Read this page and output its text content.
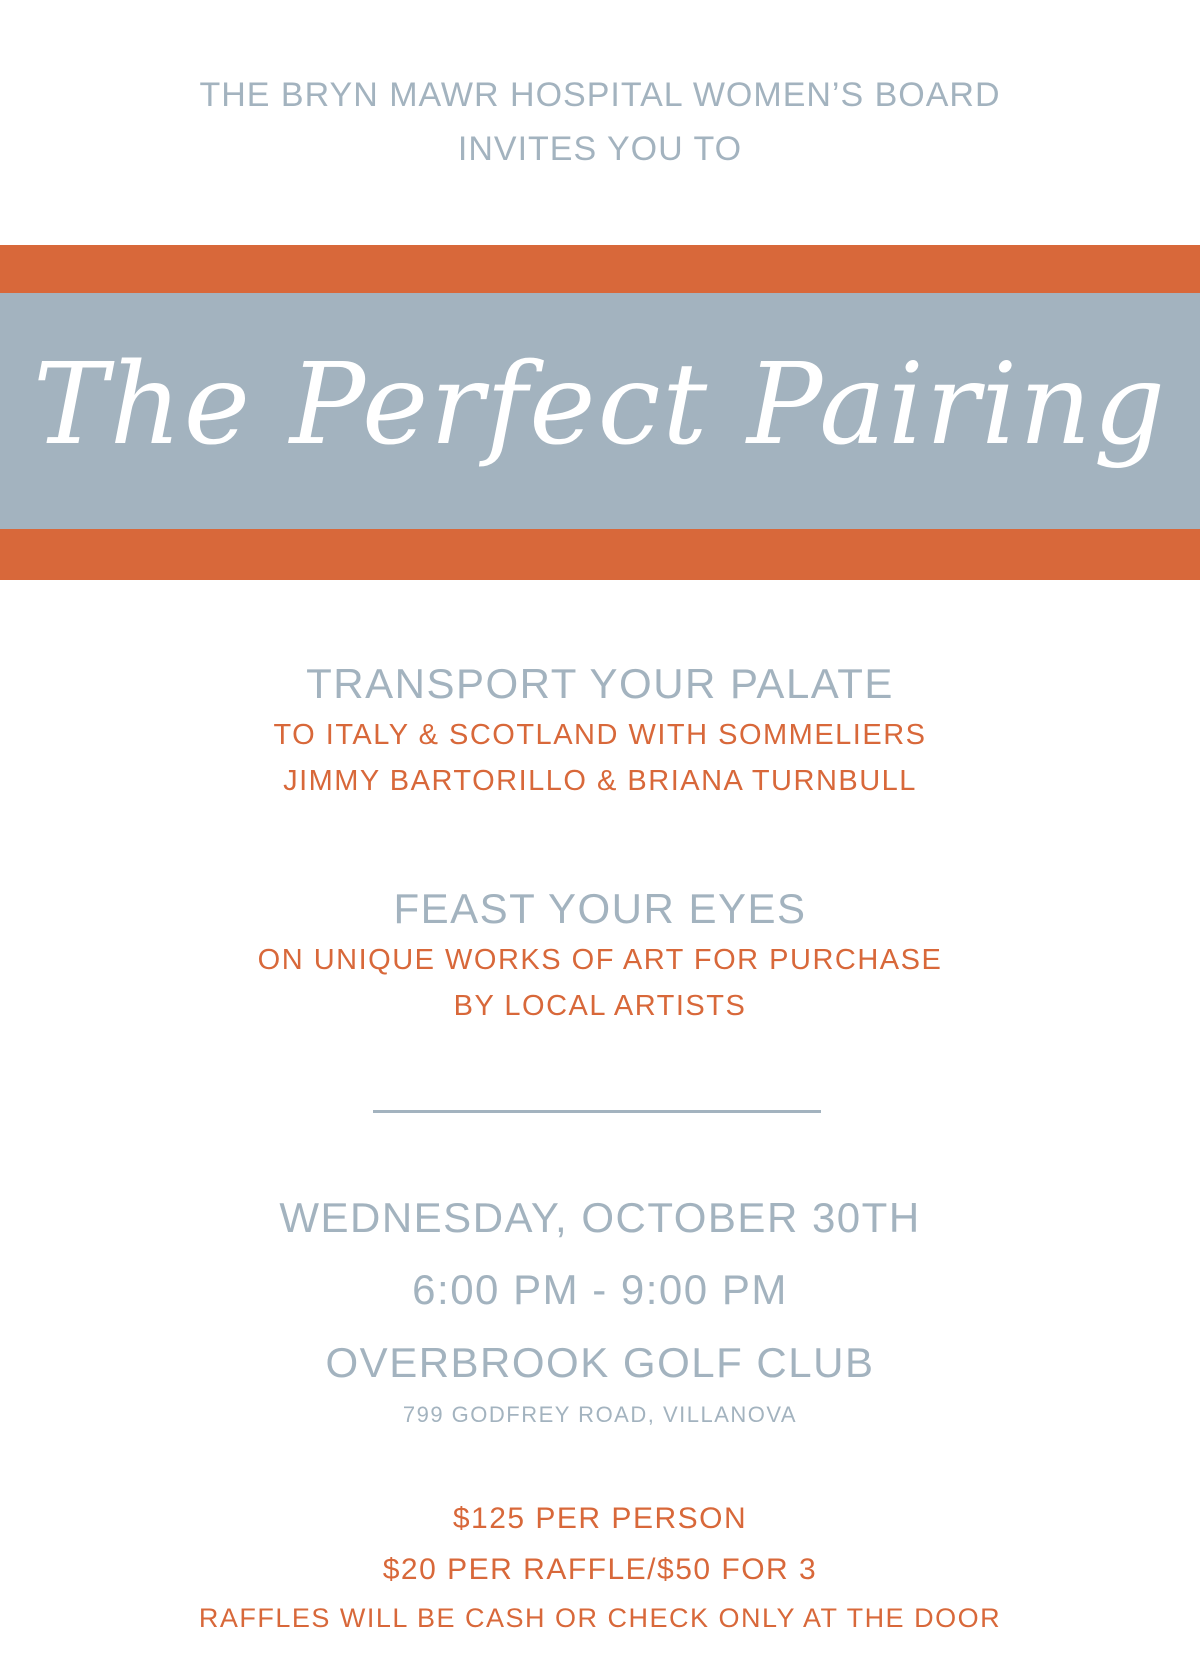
THE BRYN MAWR HOSPITAL WOMEN’S BOARD
INVITES YOU TO
The Perfect Pairing
TRANSPORT YOUR PALATE
TO ITALY & SCOTLAND WITH SOMMELIERS
JIMMY BARTORILLO & BRIANA TURNBULL
FEAST YOUR EYES
ON UNIQUE WORKS OF ART FOR PURCHASE
BY LOCAL ARTISTS
WEDNESDAY, OCTOBER 30TH
6:00 PM - 9:00 PM
OVERBROOK GOLF CLUB
799 GODFREY ROAD, VILLANOVA
$125 PER PERSON
$20 PER RAFFLE/$50 FOR 3
RAFFLES WILL BE CASH OR CHECK ONLY AT THE DOOR
